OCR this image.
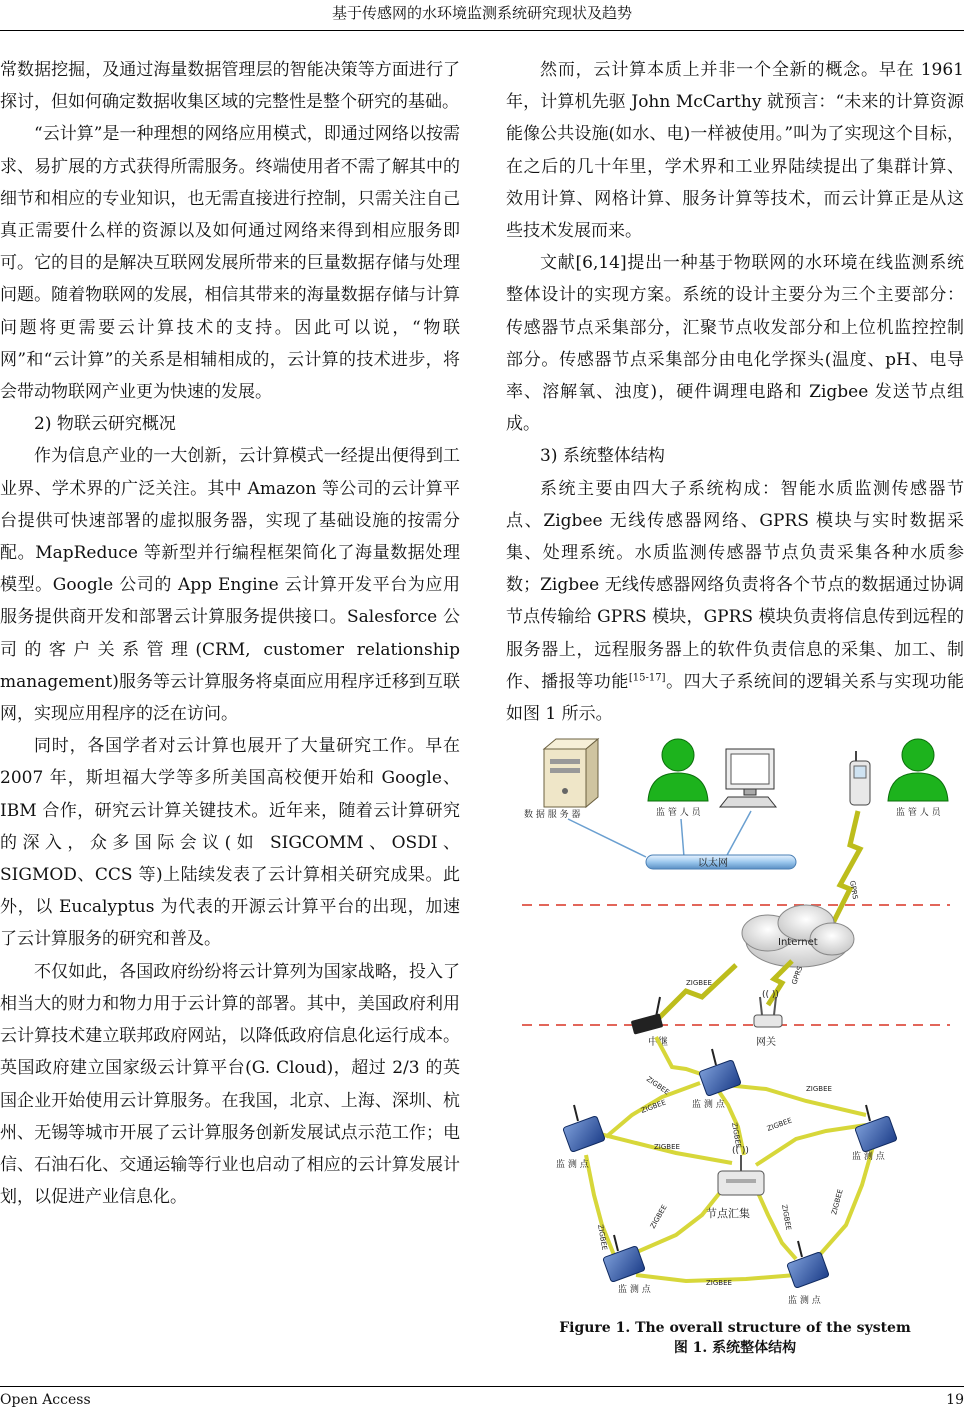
基于传感网的水环境监测系统研究现状及趋势

常数据挖掘，及通过海量数据管理层的智能决策等方面进行了探讨，但如何确定数据收集区域的完整性是整个研究的基础。

“云计算”是一种理想的网络应用模式，即通过网络以按需求、易扩展的方式获得所需服务。终端使用者不需了解其中的细节和相应的专业知识，也无需直接进行控制，只需关注自己真正需要什么样的资源以及如何通过网络来得到相应服务即可。它的目的是解决互联网发展所带来的巨量数据存储与处理问题。随着物联网的发展，相信其带来的海量数据存储与计算问题将更需要云计算技术的支持。因此可以说，“物联网”和“云计算”的关系是相辅相成的，云计算的技术进步，将会带动物联网产业更为快速的发展。

2) 物联云研究概况

作为信息产业的一大创新，云计算模式一经提出便得到工业界、学术界的广泛关注。其中 Amazon 等公司的云计算平台提供可快速部署的虚拟服务器，实现了基础设施的按需分配。MapReduce 等新型并行编程框架简化了海量数据处理模型。Google 公司的 App Engine 云计算开发平台为应用服务提供商开发和部署云计算服务提供接口。Salesforce 公司的客户关系管理(CRM, customer relationship management)服务等云计算服务将桌面应用程序迁移到互联网，实现应用程序的泛在访问。

同时，各国学者对云计算也展开了大量研究工作。早在 2007 年，斯坦福大学等多所美国高校便开始和 Google、IBM 合作，研究云计算关键技术。近年来，随着云计算研究的深入，众多国际会议(如 SIGCOMM、OSDI、SIGMOD、CCS 等)上陆续发表了云计算相关研究成果。此外，以 Eucalyptus 为代表的开源云计算平台的出现，加速了云计算服务的研究和普及。

不仅如此，各国政府纷纷将云计算列为国家战略，投入了相当大的财力和物力用于云计算的部署。其中，美国政府利用云计算技术建立联邦政府网站，以降低政府信息化运行成本。英国政府建立国家级云计算平台(G. Cloud)，超过 2/3 的英国企业开始使用云计算服务。在我国，北京、上海、深圳、杭州、无锡等城市开展了云计算服务创新发展试点示范工作；电信、石油石化、交通运输等行业也启动了相应的云计算发展计划，以促进产业信息化。

然而，云计算本质上并非一个全新的概念。早在 1961 年，计算机先驱 John McCarthy 就预言：“未来的计算资源能像公共设施(如水、电)一样被使用。”叫为了实现这个目标，在之后的几十年里，学术界和工业界陆续提出了集群计算、效用计算、网格计算、服务计算等技术，而云计算正是从这些技术发展而来。

文献[6,14]提出一种基于物联网的水环境在线监测系统整体设计的实现方案。系统的设计主要分为三个主要部分：传感器节点采集部分，汇聚节点收发部分和上位机监控控制部分。传感器节点采集部分由电化学探头(温度、pH、电导率、溶解氧、浊度)，硬件调理电路和 Zigbee 发送节点组成。

3) 系统整体结构

系统主要由四大子系统构成：智能水质监测传感器节点、Zigbee 无线传感器网络、GPRS 模块与实时数据采集、处理系统。水质监测传感器节点负责采集各种水质参数；Zigbee 无线传感器网络负责将各个节点的数据通过协调节点传输给 GPRS 模块，GPRS 模块负责将信息传到远程的服务器上，远程服务器上的软件负责信息的采集、加工、制作、播报等功能[15-17]。四大子系统间的逻辑关系与实现功能如图 1 所示。

数 据 服 务 器	监 管 人 员	监 管 人 员
以太网
GPRS
Internet
ZIGBEE	GPRS
中继
(( ))
网关
ZIGBEE
ZIGBEE
ZIGBEE
ZIGBEE
ZIGBEE
ZIGBEE
ZIGBEE
ZIGBEE	ZIGBEE
ZIGBEE
ZIGBEE
(( ))
节点汇集
监 测 点
监 测 点
监 测 点
监 测 点
监 测 点
Figure 1. The overall structure of the system
图 1. 系统整体结构
Open Access	19
